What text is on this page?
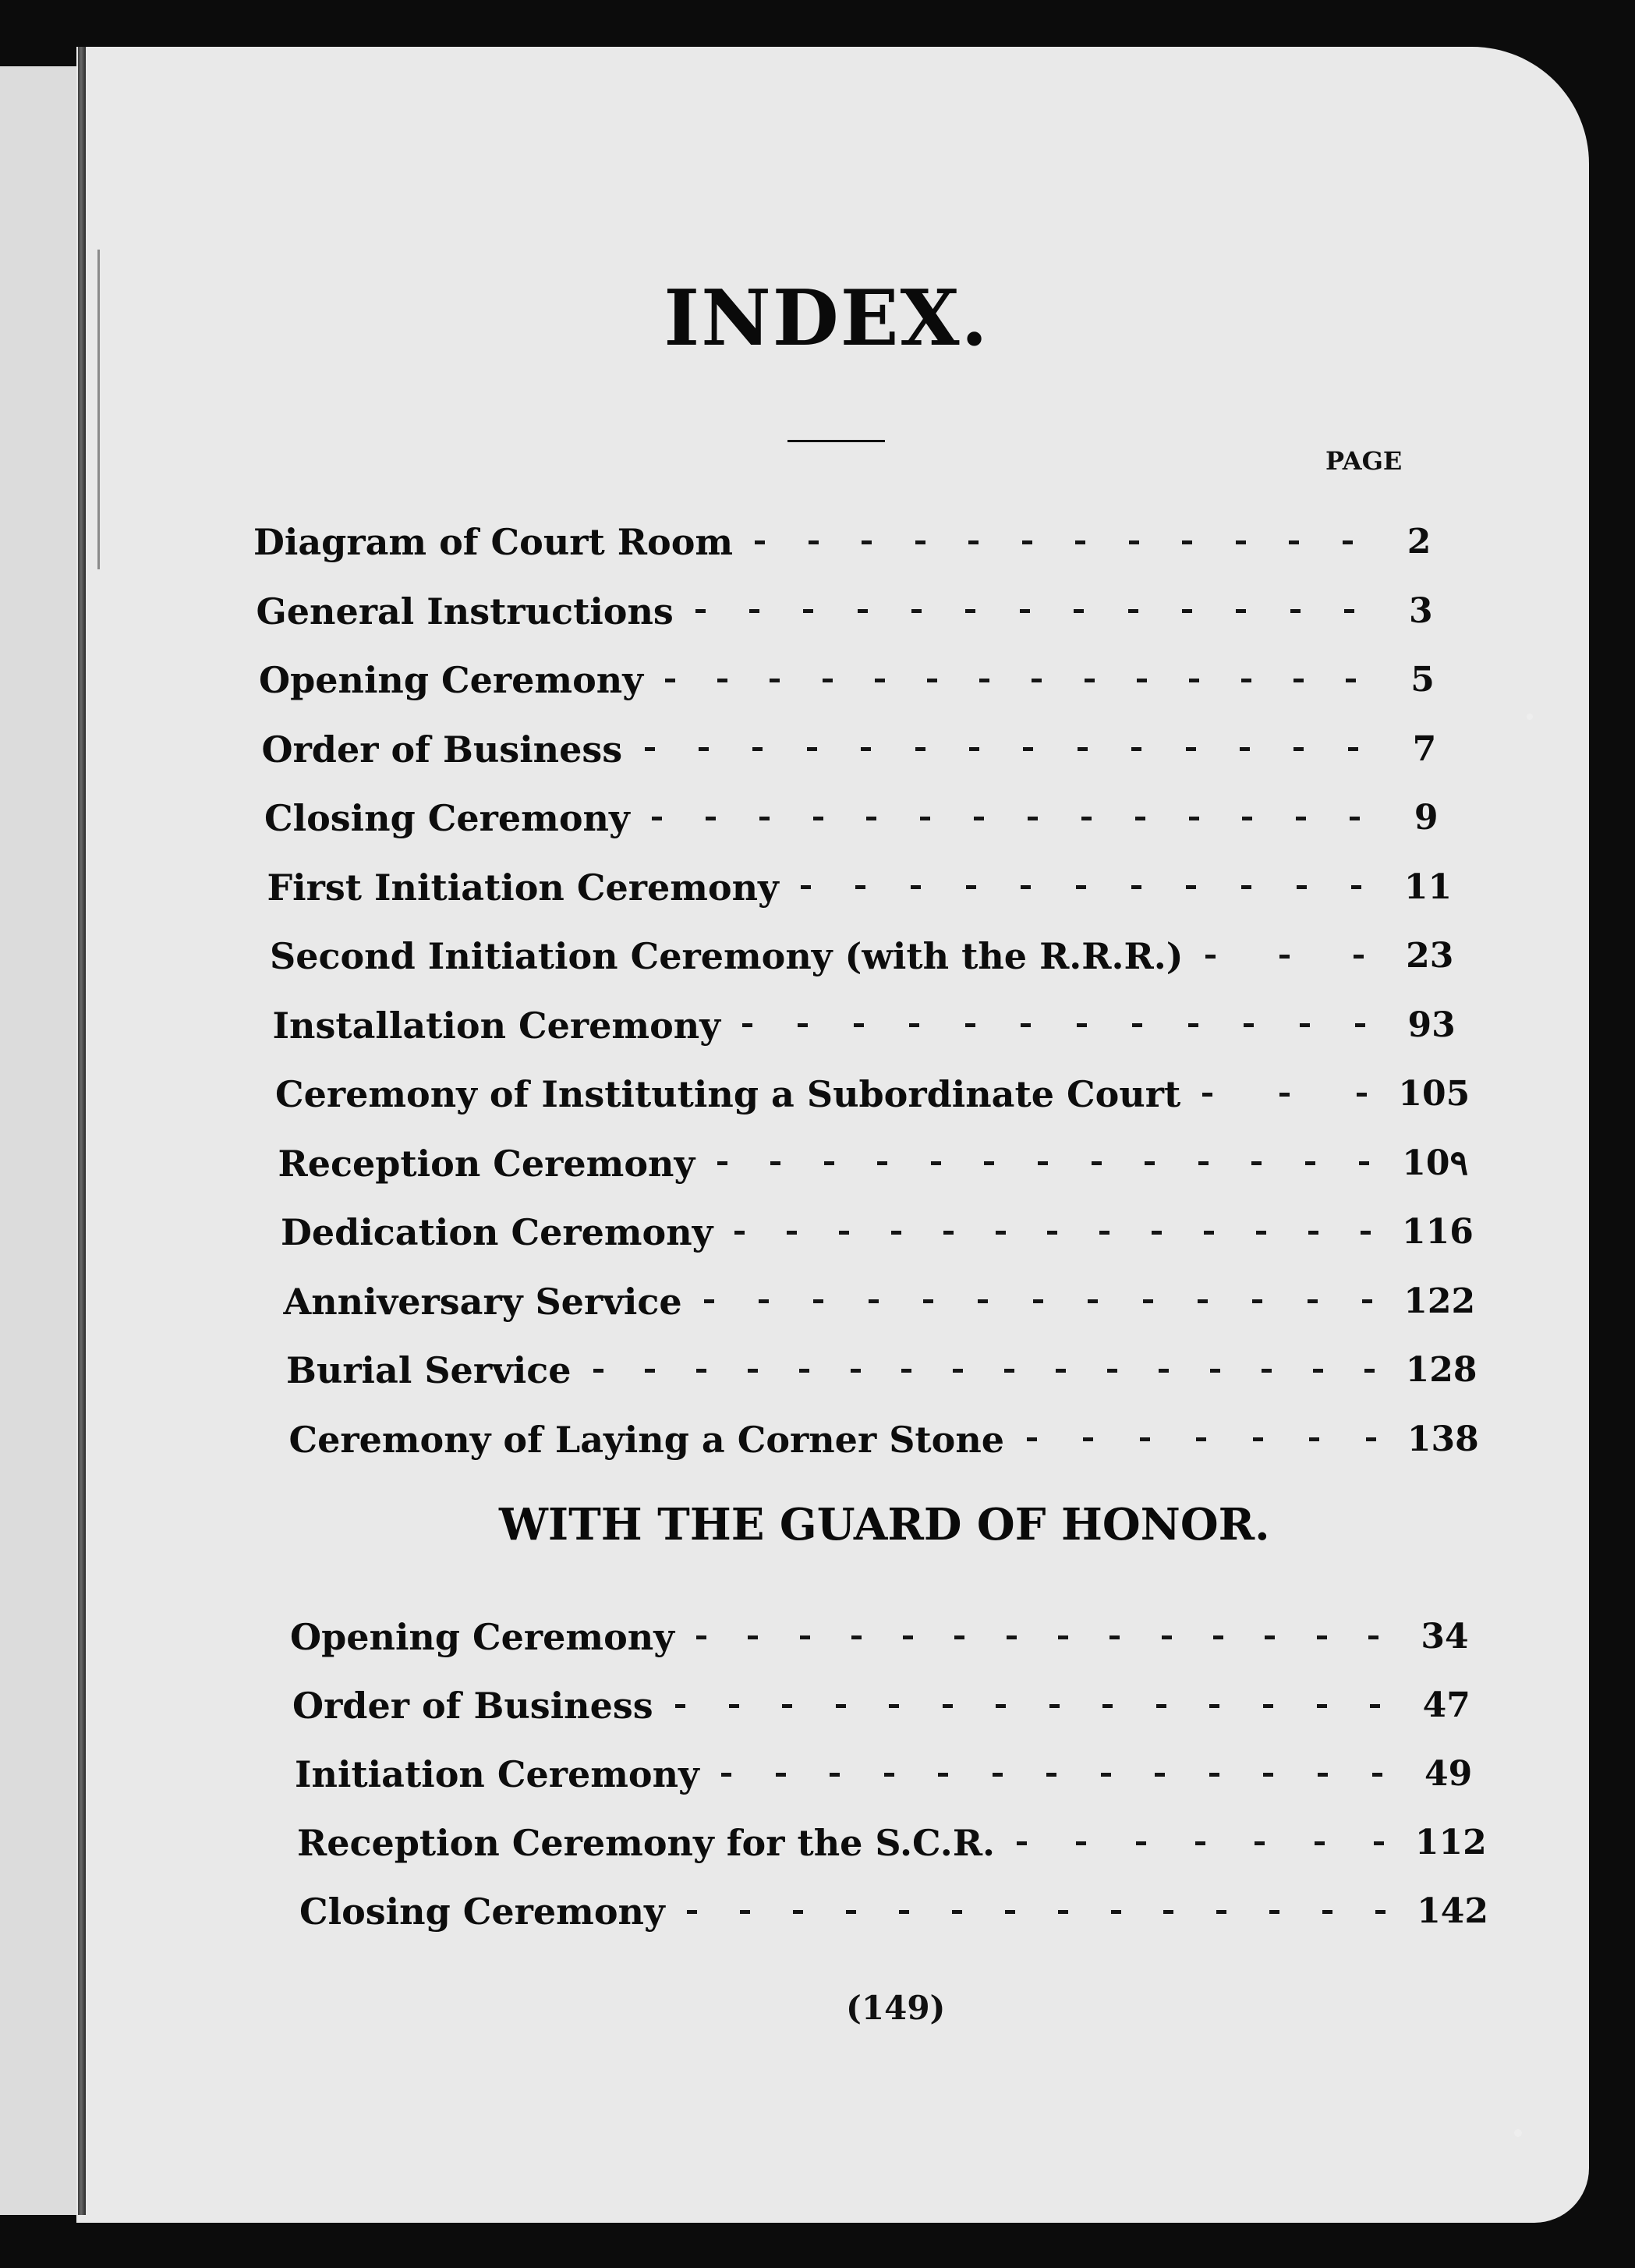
INDEX.
PAGE
Diagram of Court Room	2
General Instructions	3
Opening Ceremony	5
Order of Business	7
Closing Ceremony	9
First Initiation Ceremony	11
Second Initiation Ceremony (with the R.R.R.)	23
Installation Ceremony	93
Ceremony of Instituting a Subordinate Court	105
Reception Ceremony	10٩
Dedication Ceremony	116
Anniversary Service	122
Burial Service	128
Ceremony of Laying a Corner Stone	138
WITH THE GUARD OF HONOR.
Opening Ceremony	34
Order of Business	47
Initiation Ceremony	49
Reception Ceremony for the S.C.R.	112
Closing Ceremony	142
(149)
